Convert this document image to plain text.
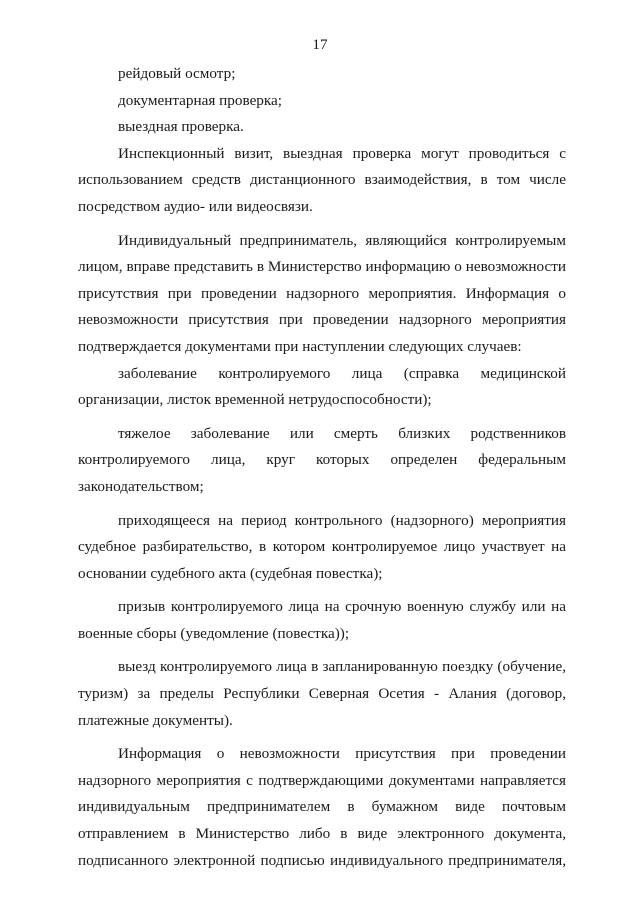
17
рейдовый осмотр;
документарная проверка;
выездная проверка.
Инспекционный визит, выездная проверка могут проводиться с
использованием средств дистанционного взаимодействия, в том числе
посредством аудио- или видеосвязи.
Индивидуальный предприниматель, являющийся контролируемым
лицом, вправе представить в Министерство информацию о невозможности
присутствия при проведении надзорного мероприятия. Информация о
невозможности присутствия при проведении надзорного мероприятия
подтверждается документами при наступлении следующих случаев:
заболевание контролируемого лица (справка медицинской
организации, листок временной нетрудоспособности);
тяжелое заболевание или смерть близких родственников
контролируемого лица, круг которых определен федеральным
законодательством;
приходящееся на период контрольного (надзорного) мероприятия
судебное разбирательство, в котором контролируемое лицо участвует на
основании судебного акта (судебная повестка);
призыв контролируемого лица на срочную военную службу или на
военные сборы (уведомление (повестка));
выезд контролируемого лица в запланированную поездку (обучение,
туризм) за пределы Республики Северная Осетия - Алания (договор,
платежные документы).
Информация о невозможности присутствия при проведении
надзорного мероприятия с подтверждающими документами направляется
индивидуальным предпринимателем в бумажном виде почтовым
отправлением в Министерство либо в виде электронного документа,
подписанного электронной подписью индивидуального предпринимателя,
